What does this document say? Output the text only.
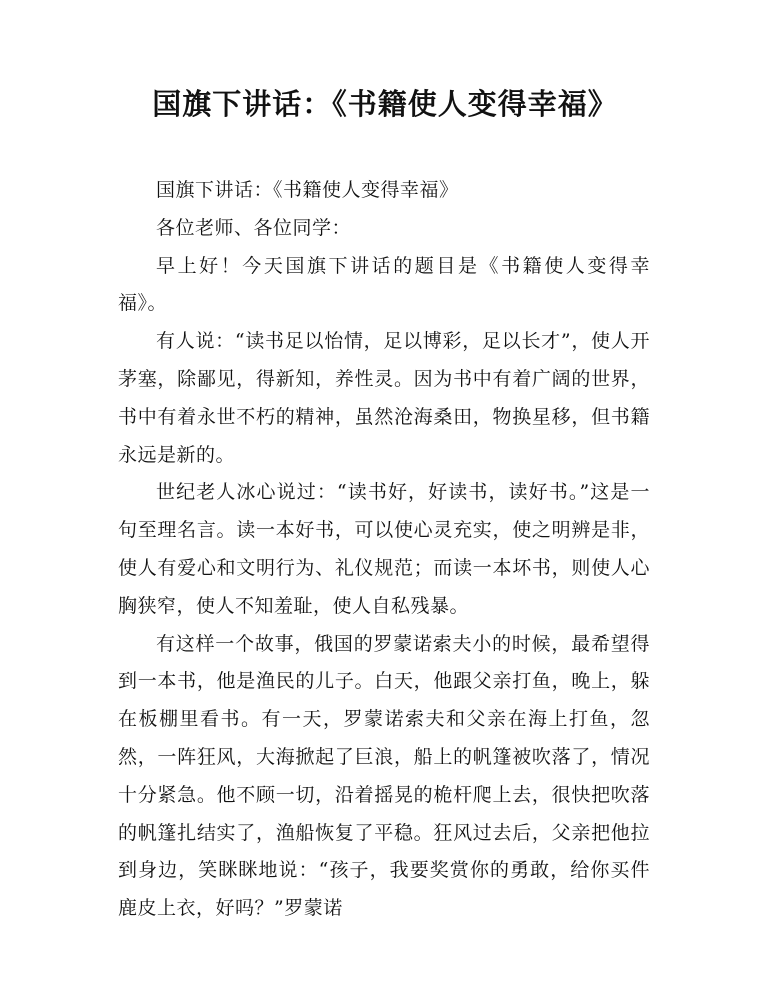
国旗下讲话：《书籍使人变得幸福》

国旗下讲话：《书籍使人变得幸福》

各位老师、各位同学：

早上好！今天国旗下讲话的题目是《书籍使人变得幸福》。

有人说：“读书足以怡情，足以博彩，足以长才”，使人开茅塞，除鄙见，得新知，养性灵。因为书中有着广阔的世界，书中有着永世不朽的精神，虽然沧海桑田，物换星移，但书籍永远是新的。

世纪老人冰心说过：“读书好，好读书，读好书。”这是一句至理名言。读一本好书，可以使心灵充实，使之明辨是非，使人有爱心和文明行为、礼仪规范；而读一本坏书，则使人心胸狭窄，使人不知羞耻，使人自私残暴。

有这样一个故事，俄国的罗蒙诺索夫小的时候，最希望得到一本书，他是渔民的儿子。白天，他跟父亲打鱼，晚上，躲在板棚里看书。有一天，罗蒙诺索夫和父亲在海上打鱼，忽然，一阵狂风，大海掀起了巨浪，船上的帆篷被吹落了，情况十分紧急。他不顾一切，沿着摇晃的桅杆爬上去，很快把吹落的帆篷扎结实了，渔船恢复了平稳。狂风过去后，父亲把他拉到身边，笑眯眯地说：“孩子，我要奖赏你的勇敢，给你买件鹿皮上衣，好吗？”罗蒙诺
